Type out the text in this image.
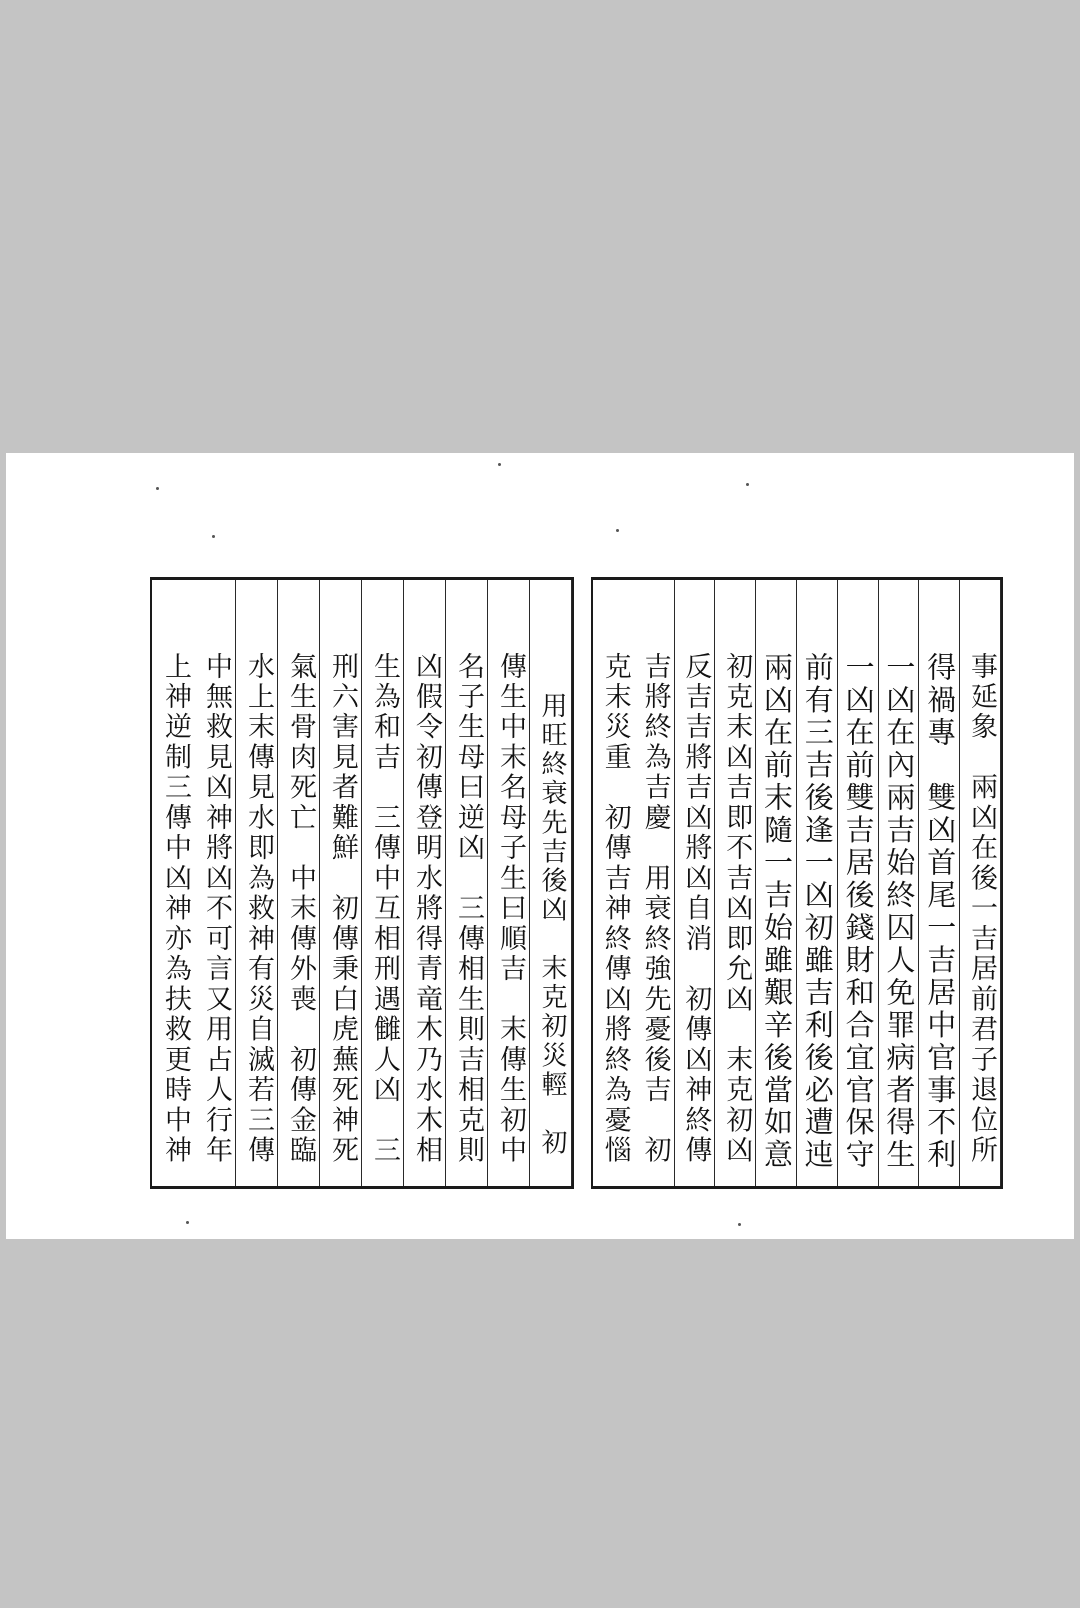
用旺終衰先吉後凶　末克初災輕　初
傳生中末名母子生曰順吉　末傳生初中
名子生母曰逆凶　三傳相生則吉相克則
凶假令初傳登明水將得青竜木乃水木相
生為和吉　三傳中互相刑遇雠人凶　三
刑六害見者難鮮　初傳秉白虎蕪死神死
氣生骨肉死亡　中末傳外喪　初傳金臨
水上末傳見水即為救神有災自滅若三傳
中無救見凶神將凶不可言又用占人行年
上神逆制三傳中凶神亦為扶救更時中神	事延象　兩凶在後一吉居前君子退位所
得禍專　雙凶首尾一吉居中官事不利
一凶在內兩吉始終囚人免罪病者得生
一凶在前雙吉居後錢財和合宜官保守
前有三吉後逢一凶初雖吉利後必遭迍
兩凶在前末隨一吉始雖艱辛後當如意
初克末凶吉即不吉凶即允凶　末克初凶
反吉吉將吉凶將凶自消　初傳凶神終傳
吉將終為吉慶　用衰終強先憂後吉　初
克末災重　初傳吉神終傳凶將終為憂惱
